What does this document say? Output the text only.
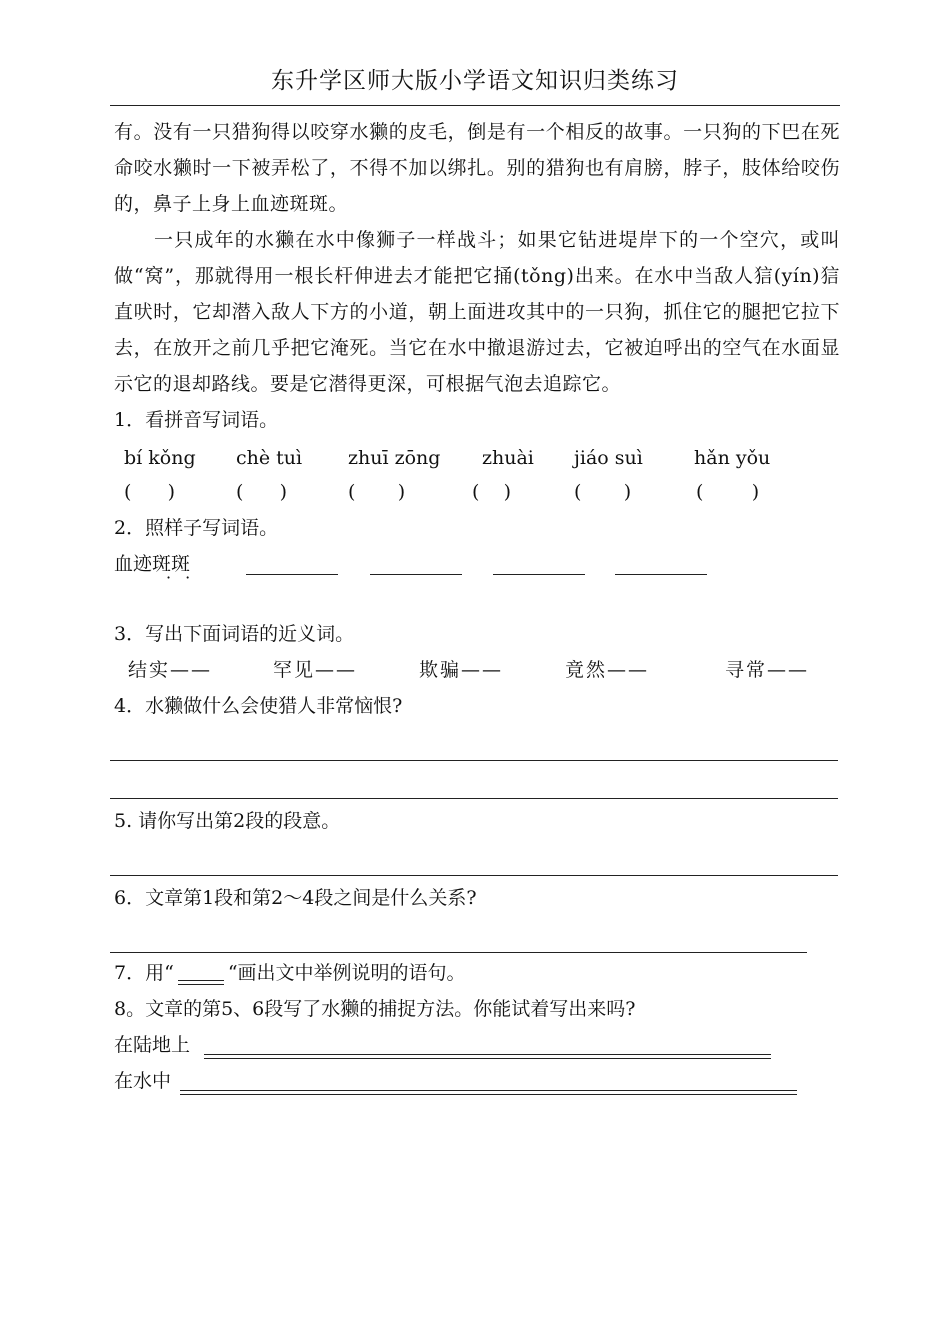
东升学区师大版小学语文知识归类练习

有。没有一只猎狗得以咬穿水獭的皮毛，倒是有一个相反的故事。一只狗的下巴在死命咬水獭时一下被弄松了，不得不加以绑扎。别的猎狗也有肩膀，脖子，肢体给咬伤的，鼻子上身上血迹斑斑。

一只成年的水獭在水中像狮子一样战斗；如果它钻进堤岸下的一个空穴，或叫做“窝”，那就得用一根长杆伸进去才能把它捅(tǒng)出来。在水中当敌人狺(yín)狺直吠时，它却潜入敌人下方的小道，朝上面进攻其中的一只狗，抓住它的腿把它拉下去，在放开之前几乎把它淹死。当它在水中撤退游过去，它被迫呼出的空气在水面显示它的退却路线。要是它潜得更深，可根据气泡去追踪它。

1．看拼音写词语。

bí kǒng	chè tuì	zhuī zōng	zhuài	jiáo suì	hǎn yǒu
(      )	(      )	(       )	(    )	(       )	(        )

2．照样子写词语。

血迹斑斑
··

3．写出下面词语的近义词。

结实——	罕见——	欺骗——	竟然——	寻常——

4．水獭做什么会使猎人非常恼恨?

5. 请你写出第2段的段意。

6．文章第1段和第2～4段之间是什么关系?

7．用“	“画出文中举例说明的语句。

8。文章的第5、6段写了水獭的捕捉方法。你能试着写出来吗?

在陆地上
在水中
